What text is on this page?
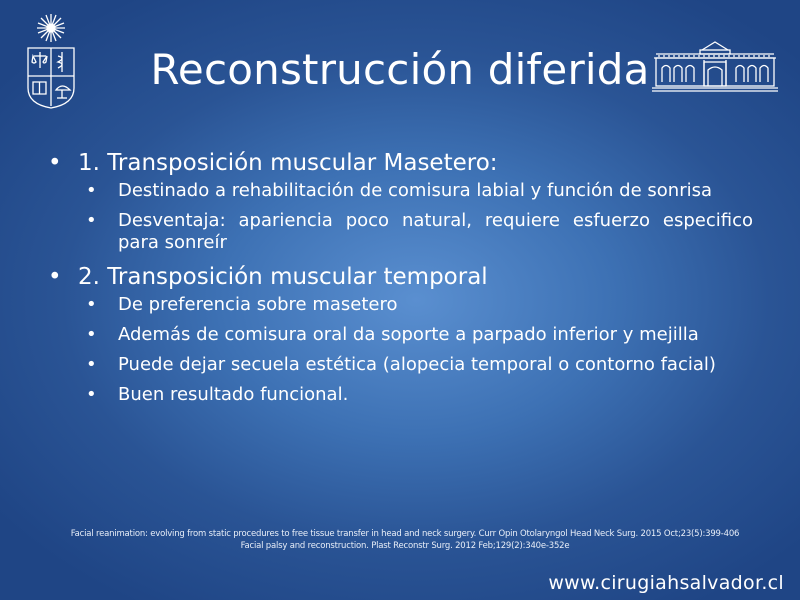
Reconstrucción diferida
• 1. Transposición muscular Masetero:
• Destinado a rehabilitación de comisura labial y función de sonrisa
• Desventaja: apariencia poco natural, requiere esfuerzo especifico para sonreír
• 2. Transposición muscular temporal
• De preferencia sobre masetero
• Además de comisura oral da soporte a parpado inferior y mejilla
• Puede dejar secuela estética (alopecia temporal o contorno facial)
• Buen resultado funcional.
Facial reanimation: evolving from static procedures to free tissue transfer in head and neck surgery. Curr Opin Otolaryngol Head Neck Surg. 2015 Oct;23(5):399-406
Facial palsy and reconstruction. Plast Reconstr Surg. 2012 Feb;129(2):340e-352e
www.cirugiahsalvador.cl
